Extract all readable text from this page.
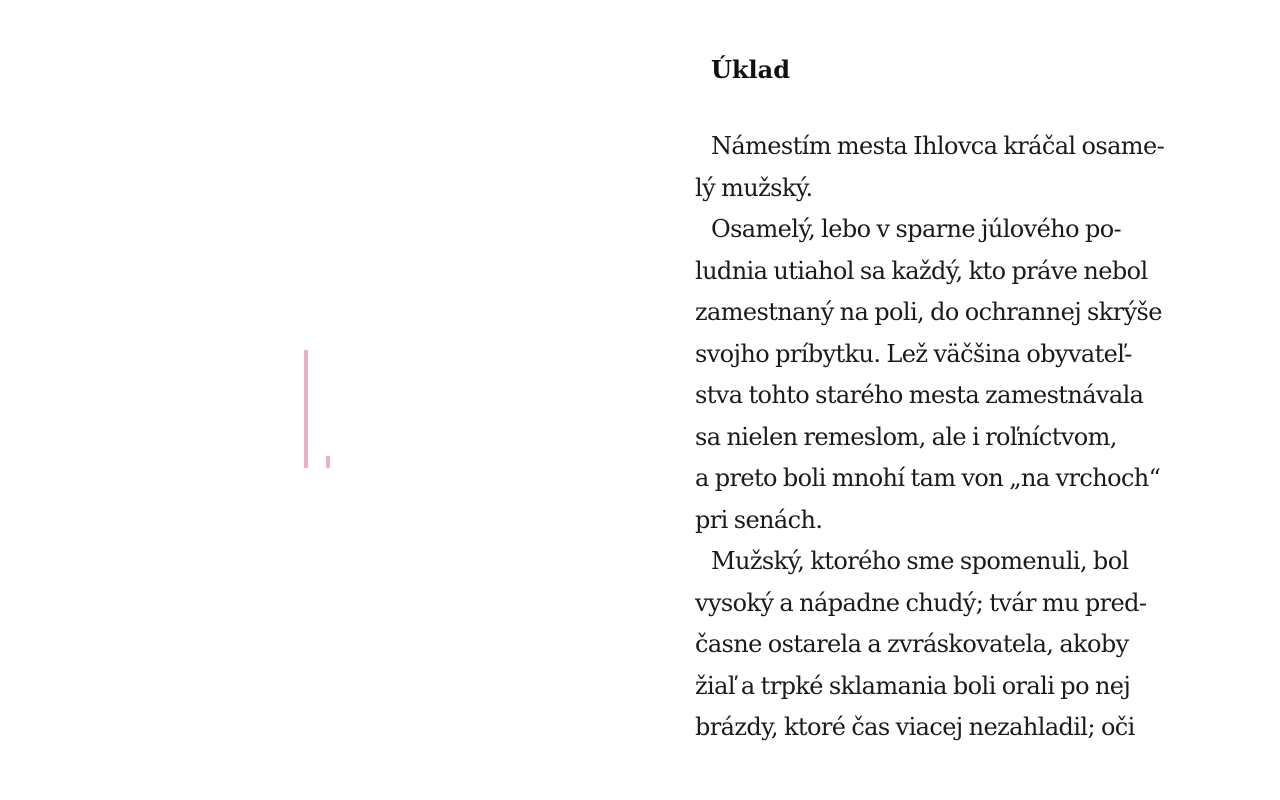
Úklad
Námestím mesta Ihlovca kráčal osame-
lý mužský.
Osamelý, lebo v sparne júlového po-
ludnia utiahol sa každý, kto práve nebol
zamestnaný na poli, do ochrannej skrýše
svojho príbytku. Lež väčšina obyvateľ-
stva tohto starého mesta zamestnávala
sa nielen remeslom, ale i roľníctvom,
a preto boli mnohí tam von „na vrchoch“
pri senách.
Mužský, ktorého sme spomenuli, bol
vysoký a nápadne chudý; tvár mu pred-
časne ostarela a zvráskovatela, akoby
žiaľ a trpké sklamania boli orali po nej
brázdy, ktoré čas viacej nezahladil; oči
